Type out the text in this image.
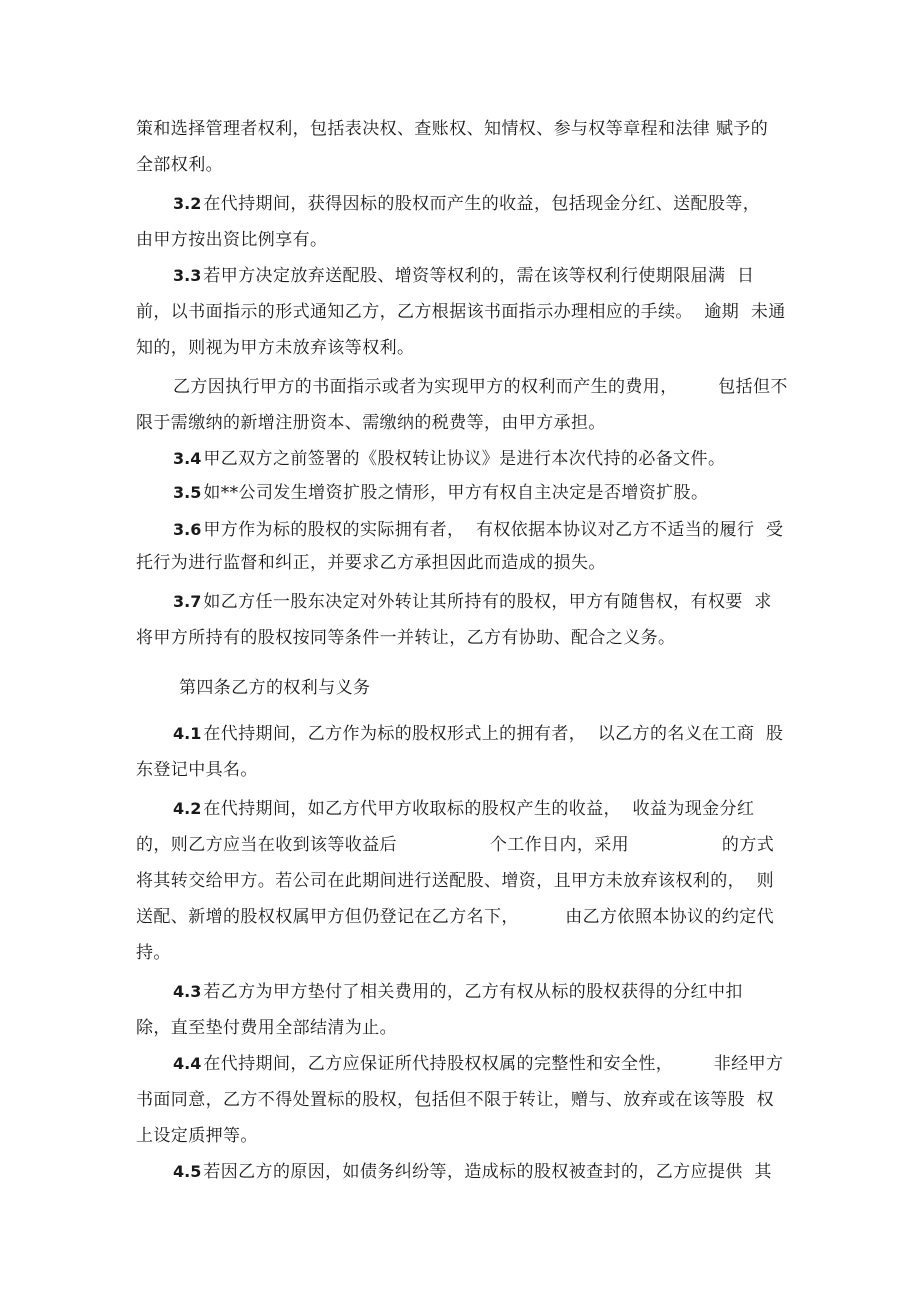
策和选择管理者权利，包括表决权、查账权、知情权、参与权等章程和法律 赋予的
全部权利。
3.2 在代持期间，获得因标的股权而产生的收益，包括现金分红、送配股等，
由甲方按出资比例享有。
3.3 若甲方决定放弃送配股、增资等权利的，需在该等权利行使期限届满  日
前，以书面指示的形式通知乙方，乙方根据该书面指示办理相应的手续。  逾期  未通
知的，则视为甲方未放弃该等权利。
乙方因执行甲方的书面指示或者为实现甲方的权利而产生的费用，       包括但不
限于需缴纳的新增注册资本、需缴纳的税费等，由甲方承担。
3.4 甲乙双方之前签署的《股权转让协议》是进行本次代持的必备文件。
3.5 如**公司发生增资扩股之情形，甲方有权自主决定是否增资扩股。
3.6 甲方作为标的股权的实际拥有者，  有权依据本协议对乙方不适当的履行  受
托行为进行监督和纠正，并要求乙方承担因此而造成的损失。
3.7 如乙方任一股东决定对外转让其所持有的股权，甲方有随售权，有权要  求
将甲方所持有的股权按同等条件一并转让，乙方有协助、配合之义务。
第四条乙方的权利与义务
4.1 在代持期间，乙方作为标的股权形式上的拥有者，  以乙方的名义在工商  股
东登记中具名。
4.2 在代持期间，如乙方代甲方收取标的股权产生的收益，  收益为现金分红
的，则乙方应当在收到该等收益后                个工作日内，采用                的方式
将其转交给甲方。若公司在此期间进行送配股、增资，且甲方未放弃该权利的，  则
送配、新增的股权权属甲方但仍登记在乙方名下，        由乙方依照本协议的约定代
持。
4.3 若乙方为甲方垫付了相关费用的，乙方有权从标的股权获得的分红中扣
除，直至垫付费用全部结清为止。
4.4 在代持期间，乙方应保证所代持股权权属的完整性和安全性，       非经甲方
书面同意，乙方不得处置标的股权，包括但不限于转让，赠与、放弃或在该等股  权
上设定质押等。
4.5 若因乙方的原因，如债务纠纷等，造成标的股权被查封的，乙方应提供  其
